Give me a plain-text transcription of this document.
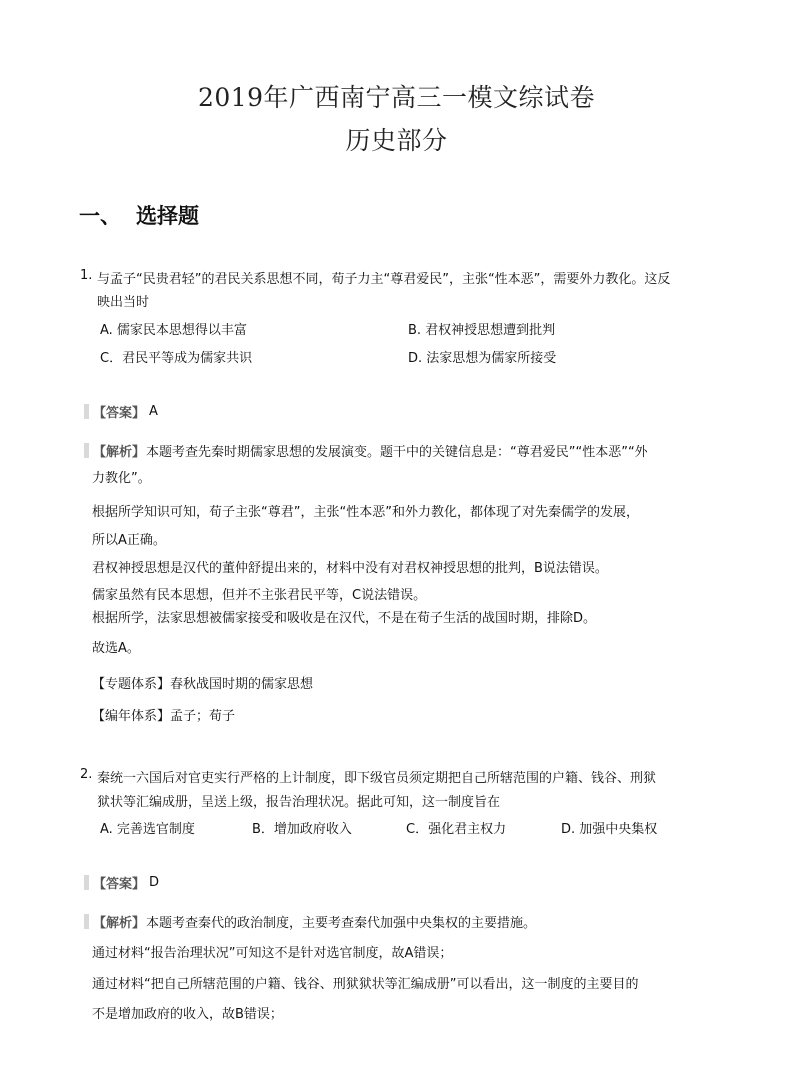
2019年广西南宁高三一模文综试卷
历史部分
一、 选择题
1. 与孟子“民贵君轻”的君民关系思想不同，荀子力主“尊君爱民”，主张“性本恶”，需要外力教化。这反
映出当时
A. 儒家民本思想得以丰富	B. 君权神授思想遭到批判
C．君民平等成为儒家共识	D. 法家思想为儒家所接受
【答案】 A
【解析】 本题考查先秦时期儒家思想的发展演变。题干中的关键信息是：“尊君爱民”“性本恶”“外
力教化”。
根据所学知识可知，荀子主张“尊君”，主张“性本恶”和外力教化，都体现了对先秦儒学的发展，
所以A正确。
君权神授思想是汉代的董仲舒提出来的，材料中没有对君权神授思想的批判，B说法错误。
儒家虽然有民本思想，但并不主张君民平等，C说法错误。
根据所学，法家思想被儒家接受和吸收是在汉代，不是在荀子生活的战国时期，排除D。
故选A。
【专题体系】春秋战国时期的儒家思想
【编年体系】孟子；荀子
2. 秦统一六国后对官吏实行严格的上计制度，即下级官员须定期把自己所辖范围的户籍、钱谷、刑狱
狱状等汇编成册，呈送上级，报告治理状况。据此可知，这一制度旨在
A. 完善选官制度	B．增加政府收入	C．强化君主权力	D. 加强中央集权
【答案】 D
【解析】 本题考查秦代的政治制度，主要考查秦代加强中央集权的主要措施。
通过材料“报告治理状况”可知这不是针对选官制度，故A错误；
通过材料“把自己所辖范围的户籍、钱谷、刑狱狱状等汇编成册”可以看出，这一制度的主要目的
不是增加政府的收入，故B错误；
